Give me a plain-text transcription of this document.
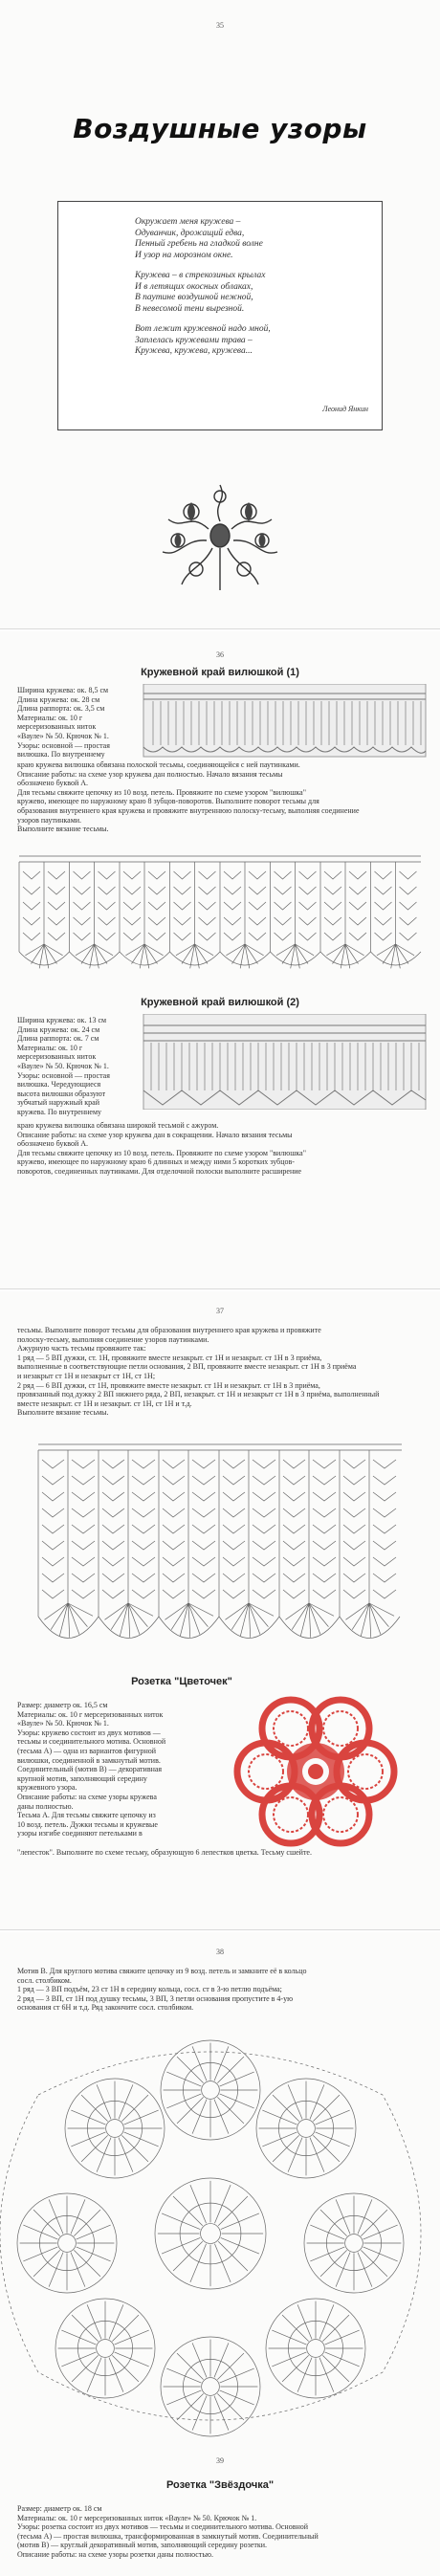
35
Воздушные узоры
Окружает меня кружева –
Одуванчик, дрожащий едва,
Пенный гребень на гладкой волне
И узор на морозном окне.
Кружева – в стрекозиных крылах
И в летящих окосных облаках,
В паутине воздушной нежной,
В невесомой тени вырезной.
Вот лежит кружевной надо мной,
Заплелась кружевами трава –
Кружева, кружева, кружева...
Леонид Янкин
36
Кружевной край вилюшкой (1)
Ширина кружева: ок. 8,5 см
Длина кружева: ок. 28 см
Длина раппорта: ок. 3,5 см
Материалы: ок. 10 г
мерсеризованных ниток
«Вауле» № 50. Крючок № 1.
Узоры: основной — простая
вилюшка. По внутреннему
краю кружева вилюшка обвязана полоской тесьмы, соединяющейся с ней паутинками.
Описание работы: на схеме узор кружева дан полностью. Начало вязания тесьмы
обозначено буквой А.
Для тесьмы свяжите цепочку из 10 возд. петель. Провяжите по схеме узором "вилюшка"
кружево, имеющее по наружному краю 8 зубцов-поворотов. Выполните поворот тесьмы для
образования внутреннего края кружева и провяжите внутреннюю полоску-тесьму, выполняя соединение
узоров паутинками.
Выполните вязание тесьмы.
Кружевной край вилюшкой (2)
Ширина кружева: ок. 13 см
Длина кружева: ок. 24 см
Длина раппорта: ок. 7 см
Материалы: ок. 10 г
мерсеризованных ниток
«Вауле» № 50. Крючок № 1.
Узоры: основной — простая
вилюшка. Чередующиеся
высота вилюшки образуют
зубчатый наружный край
кружева. По внутреннему
краю кружева вилюшка обвязана широкой тесьмой с ажуром.
Описание работы: на схеме узор кружева дан в сокращении. Начало вязания тесьмы
обозначено буквой А.
Для тесьмы свяжите цепочку из 10 возд. петель. Провяжите по схеме узором "вилюшка"
кружево, имеющее по наружному краю 6 длинных и между ними 5 коротких зубцов-
поворотов, соединенных паутинками. Для отделочной полоски выполните расширение
37
тесьмы. Выполните поворот тесьмы для образования внутреннего края кружева и провяжите
полоску-тесьму, выполняя соединение узоров паутинками.
Ажурную часть тесьмы провяжите так:
1 ряд — 5 ВП дужки, ст. 1Н, провяжите вместе незакрыт. ст 1Н и незакрыт. ст 1Н в 3 приёма,
выполненные в соответствующие петли основания, 2 ВП, провяжите вместе незакрыт. ст 1Н в 3 приёма
и незакрыт ст 1Н и незакрыт ст 1Н, ст 1Н;
2 ряд — 6 ВП дужки, ст 1Н, провяжите вместе незакрыт. ст 1Н и незакрыт. ст 1Н в 3 приёма,
провязанный под дужку 2 ВП нижнего ряда, 2 ВП, незакрыт. ст 1Н и незакрыт ст 1Н в 3 приёма, выполненный
вместе незакрыт. ст 1Н и незакрыт. ст 1Н, ст 1Н и т.д.
Выполните вязание тесьмы.
Розетка "Цветочек"
Размер: диаметр ок. 16,5 см
Материалы: ок. 10 г мерсеризованных ниток
«Вауле» № 50. Крючок № 1.
Узоры: кружево состоит из двух мотивов —
тесьмы и соединительного мотива. Основной
(тесьма А) — одна из вариантов фигурной
вилюшки, соединенной в замкнутый мотив.
Соединительный (мотив В) — декоративная
крупной мотив, заполняющий середину
кружевного узора.
Описание работы: на схеме узоры кружева
даны полностью.
Тесьма А. Для тесьмы свяжите цепочку из
10 возд. петель. Дужки тесьмы и кружевые
узоры изгибе соединяют петельками в
"лепесток". Выполните по схеме тесьму, образующую 6 лепестков цветка. Тесьму сшейте.
38
Мотив В. Для круглого мотива свяжите цепочку из 9 возд. петель и замкните её в кольцо
сосл. столбиком.
1 ряд — 3 ВП подъём, 23 ст 1Н в середину кольца, сосл. ст в 3-ю петлю подъёма;
2 ряд — 3 ВП, ст 1Н под душку тесьмы, 3 ВП, 3 петли основания пропустите в 4-ую
основания ст 6Н и т.д. Ряд закончите сосл. столбиком.
39
Розетка "Звёздочка"
Размер: диаметр ок. 18 см
Материалы: ок. 10 г мерсеризованных ниток «Вауле» № 50. Крючок № 1.
Узоры: розетка состоит из двух мотивов — тесьмы и соединительного мотива. Основной
(тесьма А) — простая вилюшка, трансформированная в замкнутый мотив. Соединительный
(мотив В) — круглый декоративный мотив, заполняющий середину розетки.
Описание работы: на схеме узоры розетки даны полностью.
